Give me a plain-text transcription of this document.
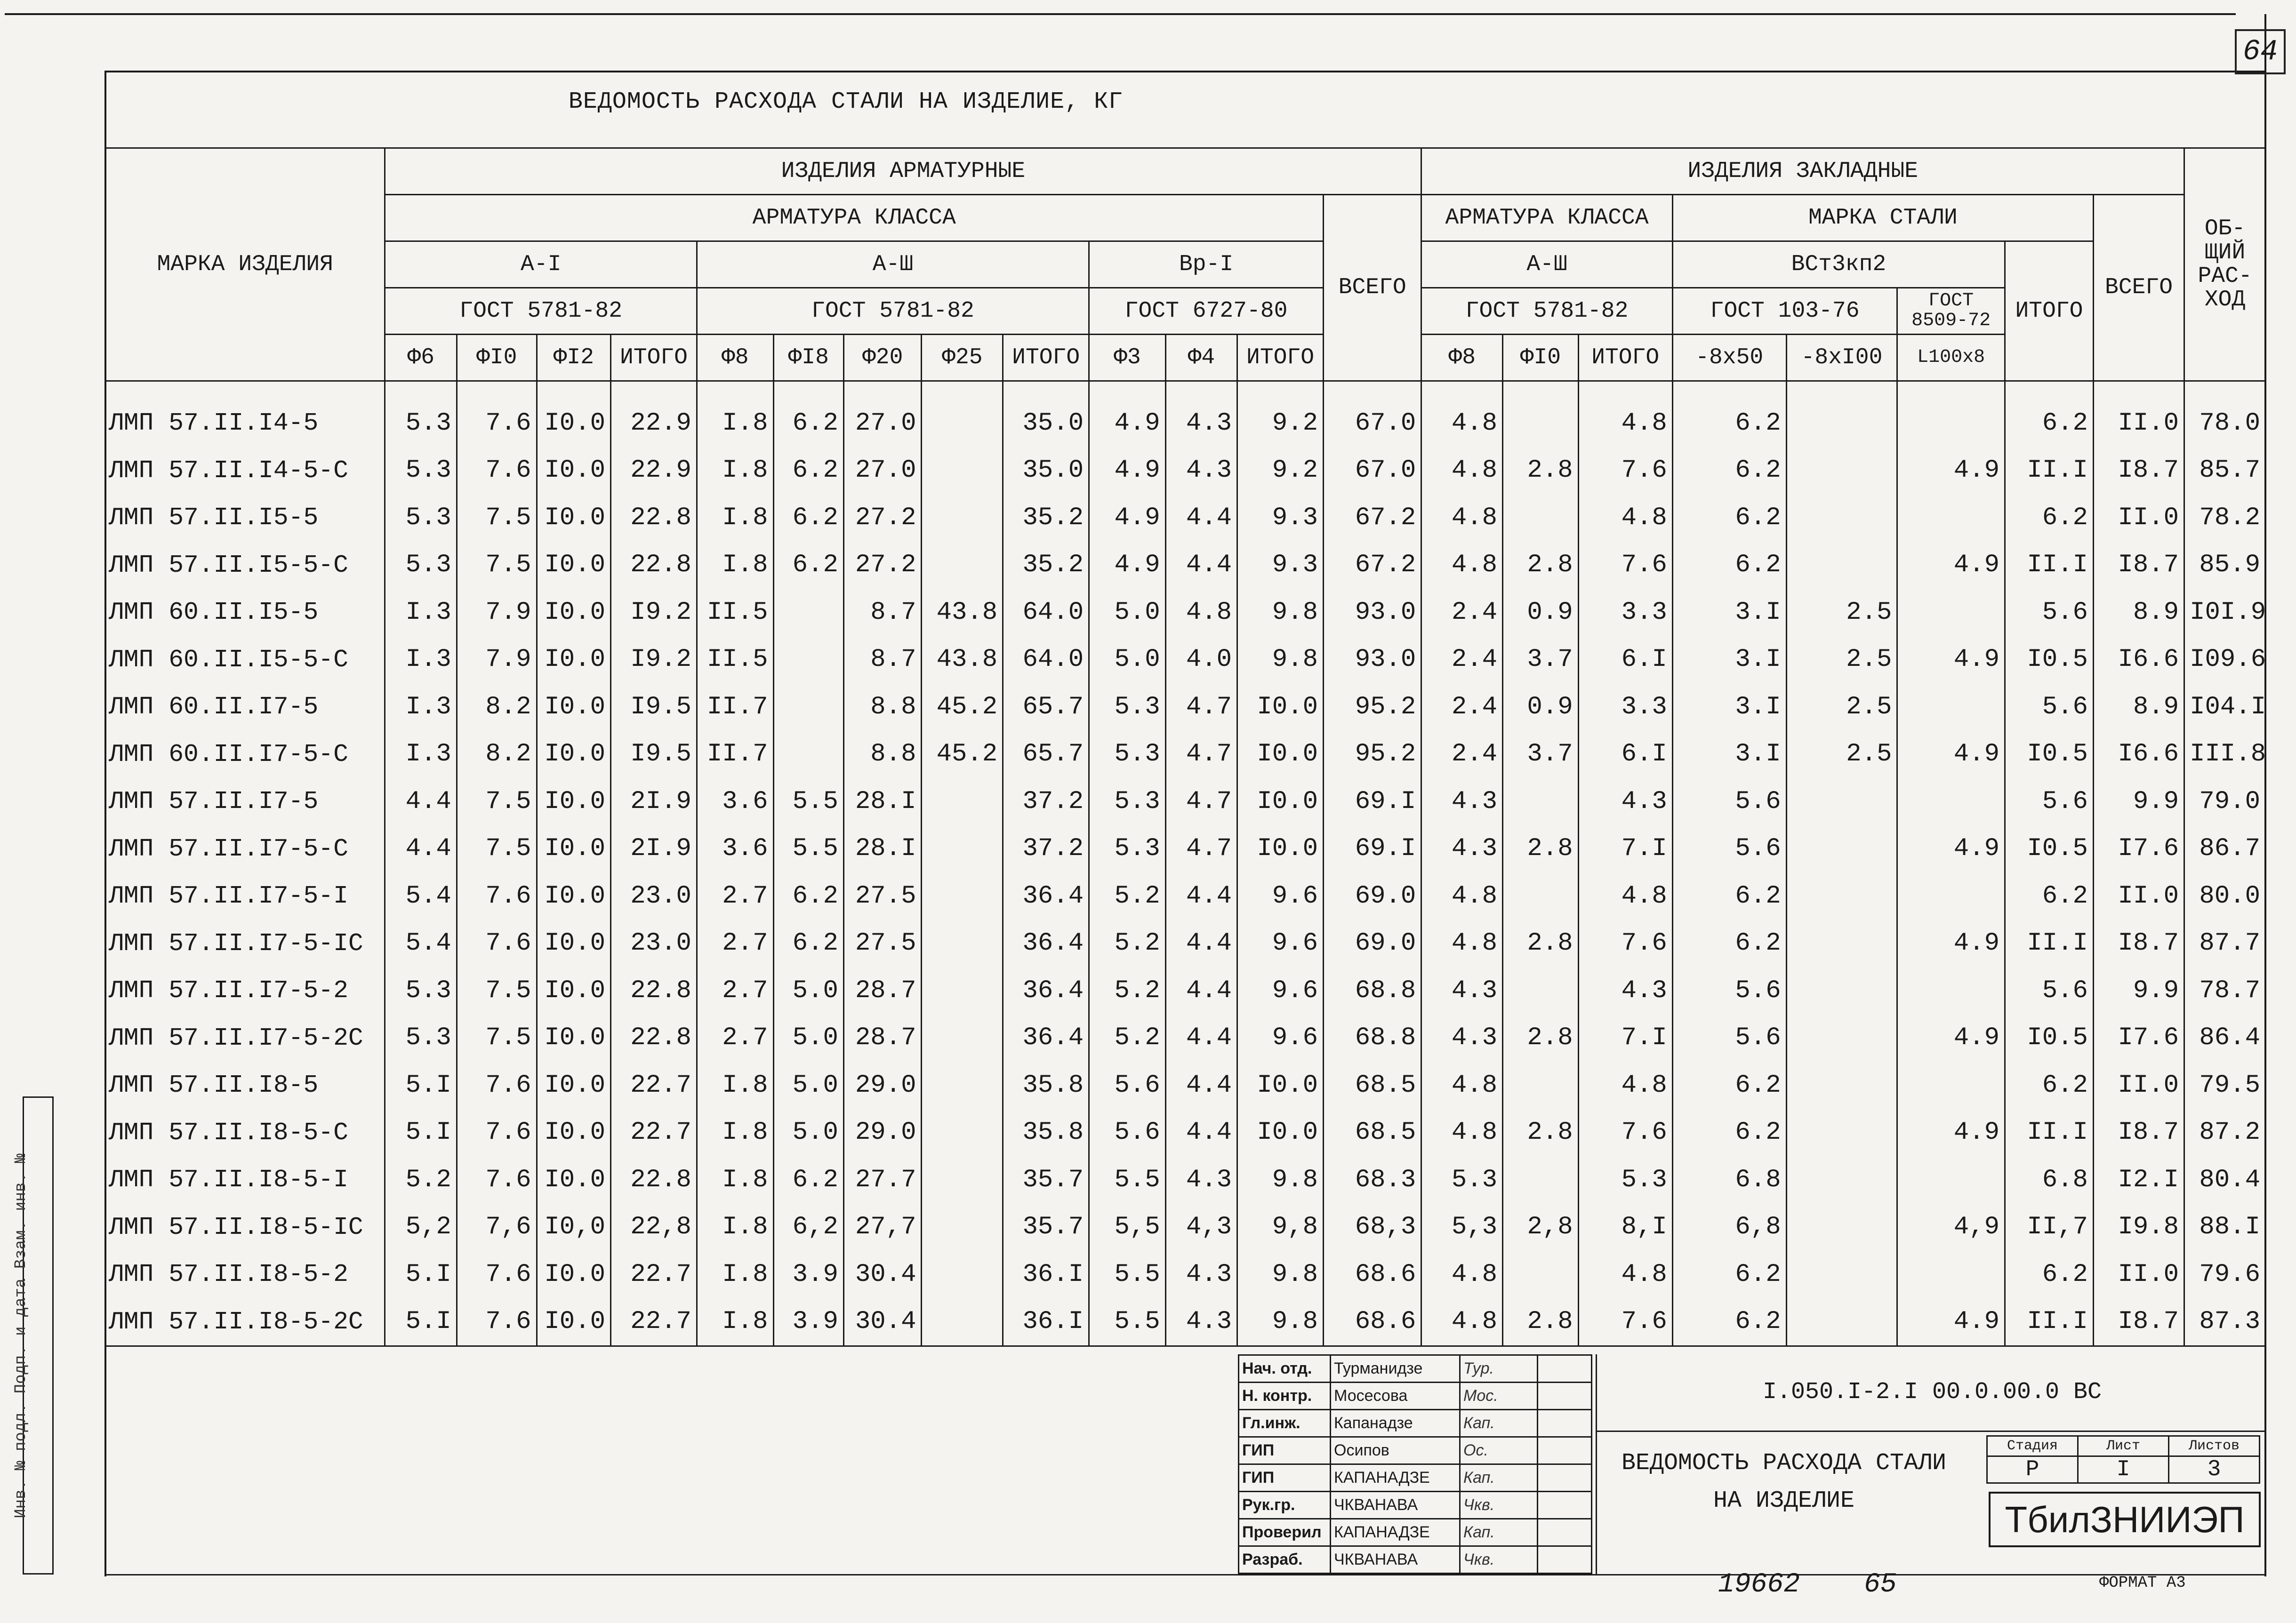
64
ВЕДОМОСТЬ РАСХОДА СТАЛИ НА ИЗДЕЛИЕ, КГ
МАРКА ИЗДЕЛИЯ	ИЗДЕЛИЯ АРМАТУРНЫЕ													ИЗДЕЛИЯ ЗАКЛАДНЫЕ								ОБ- ЩИЙ РАС- ХОД
	АРМАТУРА КЛАССА												ВСЕГО	АРМАТУРА КЛАССА			МАРКА СТАЛИ				ВСЕГО	
	А-I				А-Ш					Вр-I				А-Ш			ВСт3кп2			ИТОГО		
	ГОСТ 5781-82				ГОСТ 5781-82					ГОСТ 6727-80				ГОСТ 5781-82			ГОСТ 103-76		ГОСТ 8509-72			
	Ф6	ФI0	ФI2	ИТОГО	Ф8	ФI8	Ф20	Ф25	ИТОГО	Ф3	Ф4	ИТОГО		Ф8	ФI0	ИТОГО	-8х50	-8хI00	L100х8			
ЛМП 57.II.I4-5	5.3	7.6	I0.0	22.9	I.8	6.2	27.0		35.0	4.9	4.3	9.2	67.0	4.8		4.8	6.2			6.2	II.0	78.0
ЛМП 57.II.I4-5-С	5.3	7.6	I0.0	22.9	I.8	6.2	27.0		35.0	4.9	4.3	9.2	67.0	4.8	2.8	7.6	6.2		4.9	II.I	I8.7	85.7
ЛМП 57.II.I5-5	5.3	7.5	I0.0	22.8	I.8	6.2	27.2		35.2	4.9	4.4	9.3	67.2	4.8		4.8	6.2			6.2	II.0	78.2
ЛМП 57.II.I5-5-С	5.3	7.5	I0.0	22.8	I.8	6.2	27.2		35.2	4.9	4.4	9.3	67.2	4.8	2.8	7.6	6.2		4.9	II.I	I8.7	85.9
ЛМП 60.II.I5-5	I.3	7.9	I0.0	I9.2	II.5		8.7	43.8	64.0	5.0	4.8	9.8	93.0	2.4	0.9	3.3	3.I	2.5		5.6	8.9	I0I.9
ЛМП 60.II.I5-5-С	I.3	7.9	I0.0	I9.2	II.5		8.7	43.8	64.0	5.0	4.0	9.8	93.0	2.4	3.7	6.I	3.I	2.5	4.9	I0.5	I6.6	I09.6
ЛМП 60.II.I7-5	I.3	8.2	I0.0	I9.5	II.7		8.8	45.2	65.7	5.3	4.7	I0.0	95.2	2.4	0.9	3.3	3.I	2.5		5.6	8.9	I04.I
ЛМП 60.II.I7-5-С	I.3	8.2	I0.0	I9.5	II.7		8.8	45.2	65.7	5.3	4.7	I0.0	95.2	2.4	3.7	6.I	3.I	2.5	4.9	I0.5	I6.6	III.8
ЛМП 57.II.I7-5	4.4	7.5	I0.0	2I.9	3.6	5.5	28.I		37.2	5.3	4.7	I0.0	69.I	4.3		4.3	5.6			5.6	9.9	79.0
ЛМП 57.II.I7-5-С	4.4	7.5	I0.0	2I.9	3.6	5.5	28.I		37.2	5.3	4.7	I0.0	69.I	4.3	2.8	7.I	5.6		4.9	I0.5	I7.6	86.7
ЛМП 57.II.I7-5-I	5.4	7.6	I0.0	23.0	2.7	6.2	27.5		36.4	5.2	4.4	9.6	69.0	4.8		4.8	6.2			6.2	II.0	80.0
ЛМП 57.II.I7-5-IС	5.4	7.6	I0.0	23.0	2.7	6.2	27.5		36.4	5.2	4.4	9.6	69.0	4.8	2.8	7.6	6.2		4.9	II.I	I8.7	87.7
ЛМП 57.II.I7-5-2	5.3	7.5	I0.0	22.8	2.7	5.0	28.7		36.4	5.2	4.4	9.6	68.8	4.3		4.3	5.6			5.6	9.9	78.7
ЛМП 57.II.I7-5-2С	5.3	7.5	I0.0	22.8	2.7	5.0	28.7		36.4	5.2	4.4	9.6	68.8	4.3	2.8	7.I	5.6		4.9	I0.5	I7.6	86.4
ЛМП 57.II.I8-5	5.I	7.6	I0.0	22.7	I.8	5.0	29.0		35.8	5.6	4.4	I0.0	68.5	4.8		4.8	6.2			6.2	II.0	79.5
ЛМП 57.II.I8-5-С	5.I	7.6	I0.0	22.7	I.8	5.0	29.0		35.8	5.6	4.4	I0.0	68.5	4.8	2.8	7.6	6.2		4.9	II.I	I8.7	87.2
ЛМП 57.II.I8-5-I	5.2	7.6	I0.0	22.8	I.8	6.2	27.7		35.7	5.5	4.3	9.8	68.3	5.3		5.3	6.8			6.8	I2.I	80.4
ЛМП 57.II.I8-5-IС	5,2	7,6	I0,0	22,8	I.8	6,2	27,7		35.7	5,5	4,3	9,8	68,3	5,3	2,8	8,I	6,8		4,9	II,7	I9.8	88.I
ЛМП 57.II.I8-5-2	5.I	7.6	I0.0	22.7	I.8	3.9	30.4		36.I	5.5	4.3	9.8	68.6	4.8		4.8	6.2			6.2	II.0	79.6
ЛМП 57.II.I8-5-2С	5.I	7.6	I0.0	22.7	I.8	3.9	30.4		36.I	5.5	4.3	9.8	68.6	4.8	2.8	7.6	6.2		4.9	II.I	I8.7	87.3
Нач. отд.	Турманидзе	Тур.	
Н. контр.	Мосесова	Мос.	
Гл.инж.	Капанадзе	Кап.	
ГИП	Осипов	Ос.	
ГИП	КАПАНАДЗЕ	Кап.	
Рук.гр.	ЧКВАНАВА	Чкв.	
Проверил	КАПАНАДЗЕ	Кап.	
Разраб.	ЧКВАНАВА	Чкв.	
I.050.I-2.I 00.0.00.0 ВС
ВЕДОМОСТЬ РАСХОДА СТАЛИ НА ИЗДЕЛИЕ
Стадия	Лист	Листов
Р	I	3
ТбилЗНИИЭП
ФОРМАТ А3
19662 65
Инв. № подл. Подп. и дата Взам. инв. №
